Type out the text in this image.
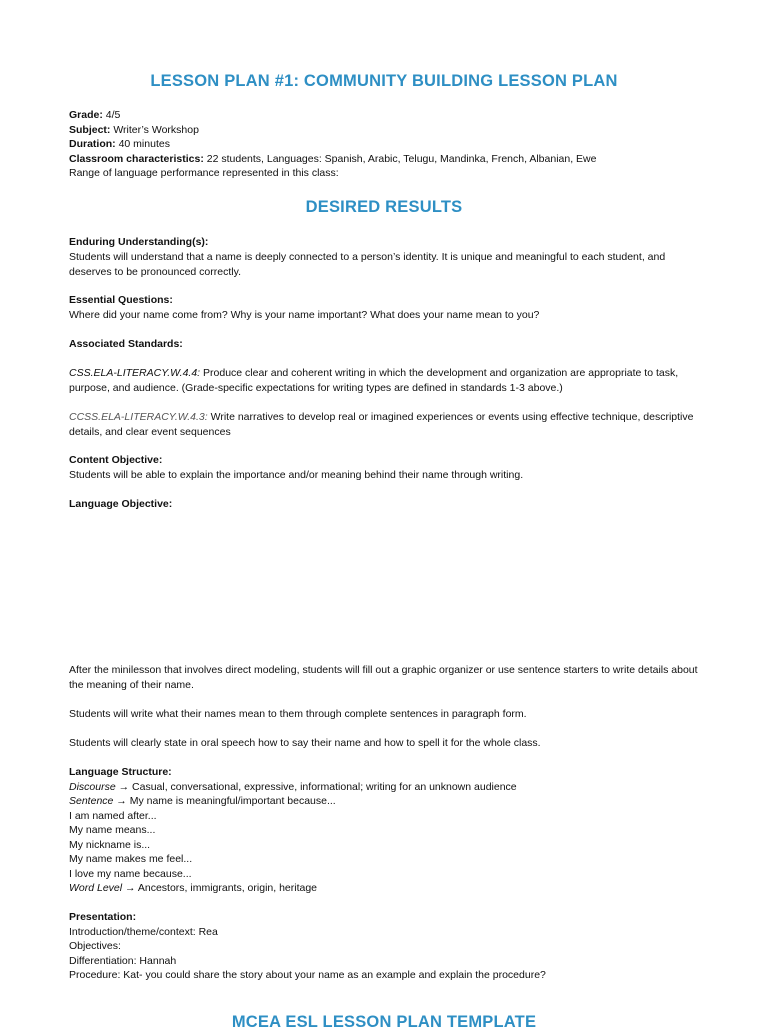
LESSON PLAN #1: COMMUNITY BUILDING LESSON PLAN
Grade: 4/5
Subject: Writer’s Workshop
Duration: 40 minutes
Classroom characteristics: 22 students, Languages: Spanish, Arabic, Telugu, Mandinka, French, Albanian, Ewe
Range of language performance represented in this class:
DESIRED RESULTS
Enduring Understanding(s):
Students will understand that a name is deeply connected to a person’s identity. It is unique and meaningful to each student, and deserves to be pronounced correctly.
Essential Questions:
Where did your name come from? Why is your name important? What does your name mean to you?
Associated Standards:
CSS.ELA-LITERACY.W.4.4: Produce clear and coherent writing in which the development and organization are appropriate to task, purpose, and audience. (Grade-specific expectations for writing types are defined in standards 1-3 above.)
CCSS.ELA-LITERACY.W.4.3: Write narratives to develop real or imagined experiences or events using effective technique, descriptive details, and clear event sequences
Content Objective:
Students will be able to explain the importance and/or meaning behind their name through writing.
Language Objective:
After the minilesson that involves direct modeling, students will fill out a graphic organizer or use sentence starters to write details about the meaning of their name.
Students will write what their names mean to them through complete sentences in paragraph form.
Students will clearly state in oral speech how to say their name and how to spell it for the whole class.
Language Structure:
Discourse → Casual, conversational, expressive, informational; writing for an unknown audience
Sentence → My name is meaningful/important because...
I am named after...
My name means...
My nickname is...
My name makes me feel...
I love my name because...
Word Level → Ancestors, immigrants, origin, heritage
Presentation:
Introduction/theme/context: Rea
Objectives:
Differentiation: Hannah
Procedure: Kat- you could share the story about your name as an example and explain the procedure?
MCEA ESL LESSON PLAN TEMPLATE
